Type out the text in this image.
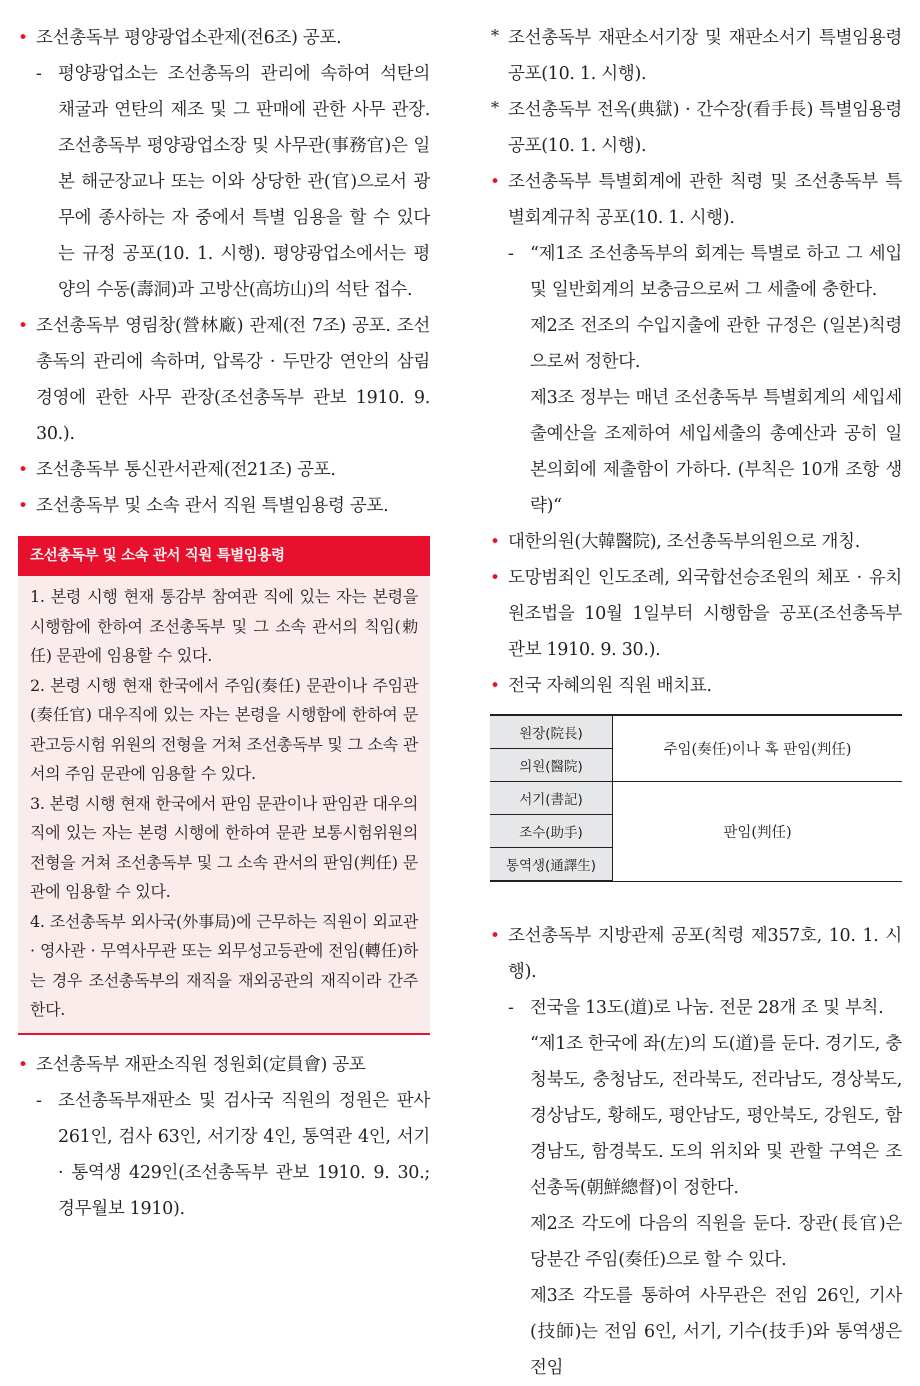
• 조선총독부 평양광업소관제(전6조) 공포.

- 평양광업소는 조선총독의 관리에 속하여 석탄의 채굴과 연탄의 제조 및 그 판매에 관한 사무 관장. 조선총독부 평양광업소장 및 사무관(事務官)은 일본 해군장교나 또는 이와 상당한 관(官)으로서 광무에 종사하는 자 중에서 특별 임용을 할 수 있다는 규정 공포(10. 1. 시행). 평양광업소에서는 평양의 수동(壽洞)과 고방산(高坊山)의 석탄 접수.

• 조선총독부 영림창(營林廠) 관제(전 7조) 공포. 조선총독의 관리에 속하며, 압록강 · 두만강 연안의 삼림경영에 관한 사무 관장(조선총독부 관보 1910. 9. 30.).

• 조선총독부 통신관서관제(전21조) 공포.

• 조선총독부 및 소속 관서 직원 특별임용령 공포.

조선총독부 및 소속 관서 직원 특별임용령

1. 본령 시행 현재 통감부 참여관 직에 있는 자는 본령을 시행함에 한하여 조선총독부 및 그 소속 관서의 칙임(勅任) 문관에 임용할 수 있다.

2. 본령 시행 현재 한국에서 주임(奏任) 문관이나 주임관(奏任官) 대우직에 있는 자는 본령을 시행함에 한하여 문관고등시험 위원의 전형을 거쳐 조선총독부 및 그 소속 관서의 주임 문관에 임용할 수 있다.

3. 본령 시행 현재 한국에서 판임 문관이나 판임관 대우의 직에 있는 자는 본령 시행에 한하여 문관 보통시험위원의 전형을 거쳐 조선총독부 및 그 소속 관서의 판임(判任) 문관에 임용할 수 있다.

4. 조선총독부 외사국(外事局)에 근무하는 직원이 외교관 · 영사관 · 무역사무관 또는 외무성고등관에 전임(轉任)하는 경우 조선총독부의 재직을 재외공관의 재직이라 간주한다.

• 조선총독부 재판소직원 정원회(定員會) 공포

- 조선총독부재판소 및 검사국 직원의 정원은 판사 261인, 검사 63인, 서기장 4인, 통역관 4인, 서기 · 통역생 429인(조선총독부 관보 1910. 9. 30.; 경무월보 1910).

* 조선총독부 재판소서기장 및 재판소서기 특별임용령 공포(10. 1. 시행).

* 조선총독부 전옥(典獄) · 간수장(看手長) 특별임용령 공포(10. 1. 시행).

• 조선총독부 특별회계에 관한 칙령 및 조선총독부 특별회계규칙 공포(10. 1. 시행).

- “제1조 조선총독부의 회계는 특별로 하고 그 세입 및 일반회계의 보충금으로써 그 세출에 충한다.

제2조 전조의 수입지출에 관한 규정은 (일본)칙령으로써 정한다.

제3조 정부는 매년 조선총독부 특별회계의 세입세출예산을 조제하여 세입세출의 총예산과 공히 일본의회에 제출함이 가하다. (부칙은 10개 조항 생략)“

• 대한의원(大韓醫院), 조선총독부의원으로 개칭.

• 도망범죄인 인도조례, 외국합선승조원의 체포 · 유치원조법을 10월 1일부터 시행함을 공포(조선총독부 관보 1910. 9. 30.).

• 전국 자혜의원 직원 배치표.

원장(院長)	주임(奏任)이나 혹 판임(判任)
의원(醫院)	
서기(書記)	판임(判任)
조수(助手)	
통역생(通譯生)	

• 조선총독부 지방관제 공포(칙령 제357호, 10. 1. 시행).

- 전국을 13도(道)로 나눔. 전문 28개 조 및 부칙.

“제1조 한국에 좌(左)의 도(道)를 둔다. 경기도, 충청북도, 충청남도, 전라북도, 전라남도, 경상북도, 경상남도, 황해도, 평안남도, 평안북도, 강원도, 함경남도, 함경북도. 도의 위치와 및 관할 구역은 조선총독(朝鮮總督)이 정한다.

제2조 각도에 다음의 직원을 둔다. 장관(長官)은 당분간 주임(奏任)으로 할 수 있다.

제3조 각도를 통하여 사무관은 전임 26인, 기사(技師)는 전임 6인, 서기, 기수(技手)와 통역생은 전임
